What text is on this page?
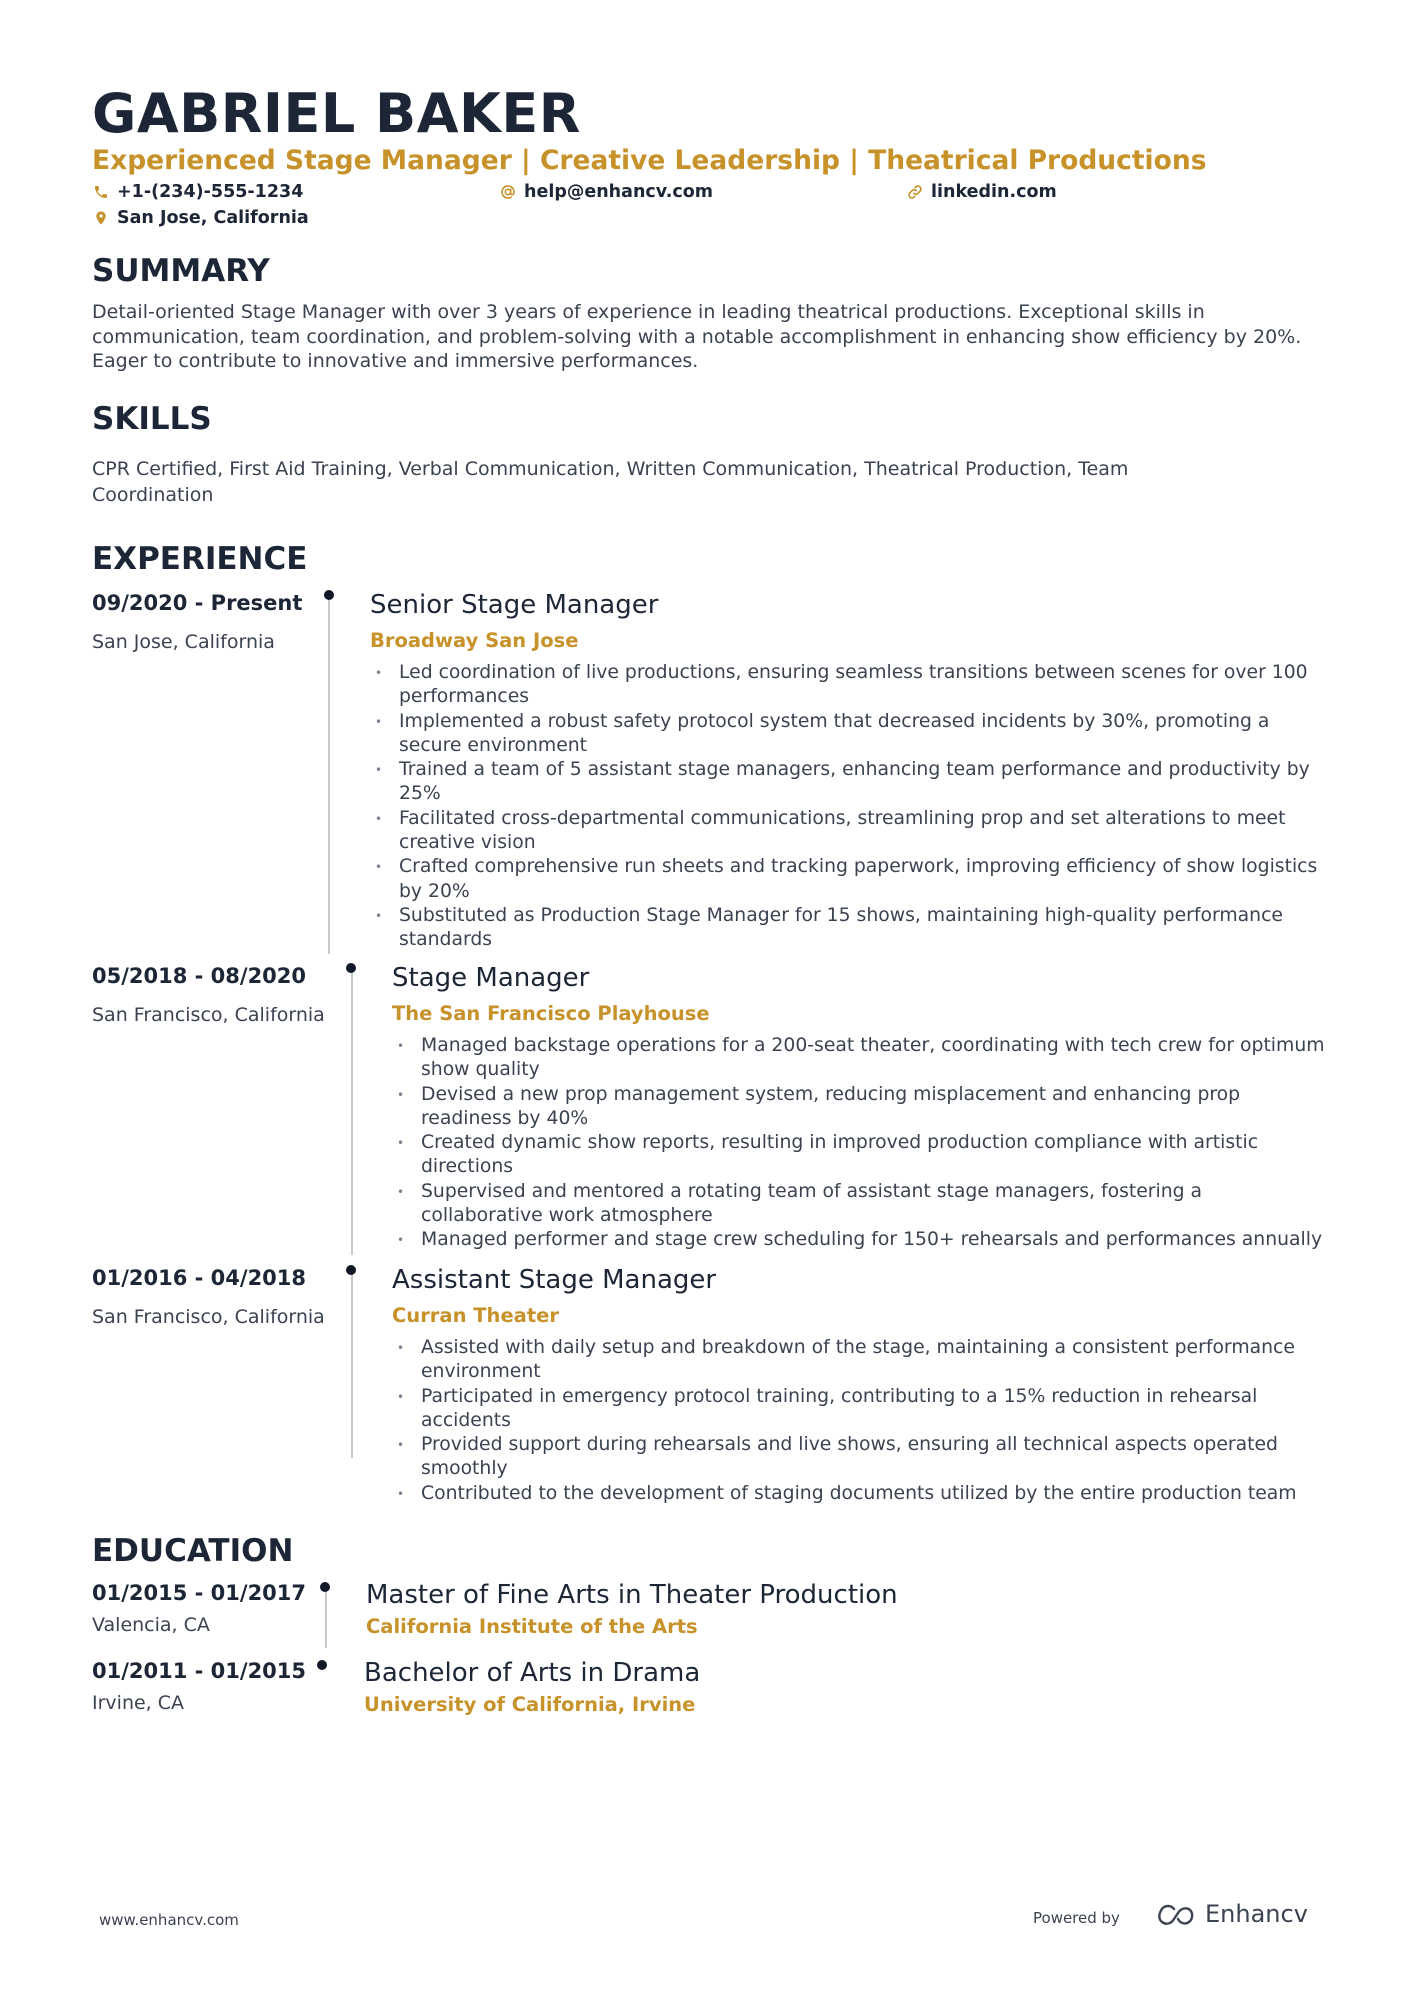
GABRIEL BAKER
Experienced Stage Manager | Creative Leadership | Theatrical Productions
+1-(234)-555-1234	help@enhancv.com	linkedin.com
San Jose, California
SUMMARY
Detail-oriented Stage Manager with over 3 years of experience in leading theatrical productions. Exceptional skills in communication, team coordination, and problem-solving with a notable accomplishment in enhancing show efficiency by 20%. Eager to contribute to innovative and immersive performances.
SKILLS
CPR Certified, First Aid Training, Verbal Communication, Written Communication, Theatrical Production, Team Coordination
EXPERIENCE
09/2020 - Present
San Jose, California
Senior Stage Manager
Broadway San Jose
• Led coordination of live productions, ensuring seamless transitions between scenes for over 100 performances
• Implemented a robust safety protocol system that decreased incidents by 30%, promoting a secure environment
• Trained a team of 5 assistant stage managers, enhancing team performance and productivity by 25%
• Facilitated cross-departmental communications, streamlining prop and set alterations to meet creative vision
• Crafted comprehensive run sheets and tracking paperwork, improving efficiency of show logistics by 20%
• Substituted as Production Stage Manager for 15 shows, maintaining high-quality performance standards
05/2018 - 08/2020
San Francisco, California
Stage Manager
The San Francisco Playhouse
• Managed backstage operations for a 200-seat theater, coordinating with tech crew for optimum show quality
• Devised a new prop management system, reducing misplacement and enhancing prop readiness by 40%
• Created dynamic show reports, resulting in improved production compliance with artistic directions
• Supervised and mentored a rotating team of assistant stage managers, fostering a collaborative work atmosphere
• Managed performer and stage crew scheduling for 150+ rehearsals and performances annually
01/2016 - 04/2018
San Francisco, California
Assistant Stage Manager
Curran Theater
• Assisted with daily setup and breakdown of the stage, maintaining a consistent performance environment
• Participated in emergency protocol training, contributing to a 15% reduction in rehearsal accidents
• Provided support during rehearsals and live shows, ensuring all technical aspects operated smoothly
• Contributed to the development of staging documents utilized by the entire production team
EDUCATION
01/2015 - 01/2017
Valencia, CA
Master of Fine Arts in Theater Production
California Institute of the Arts
01/2011 - 01/2015
Irvine, CA
Bachelor of Arts in Drama
University of California, Irvine
www.enhancv.com	Powered by	Enhancv
